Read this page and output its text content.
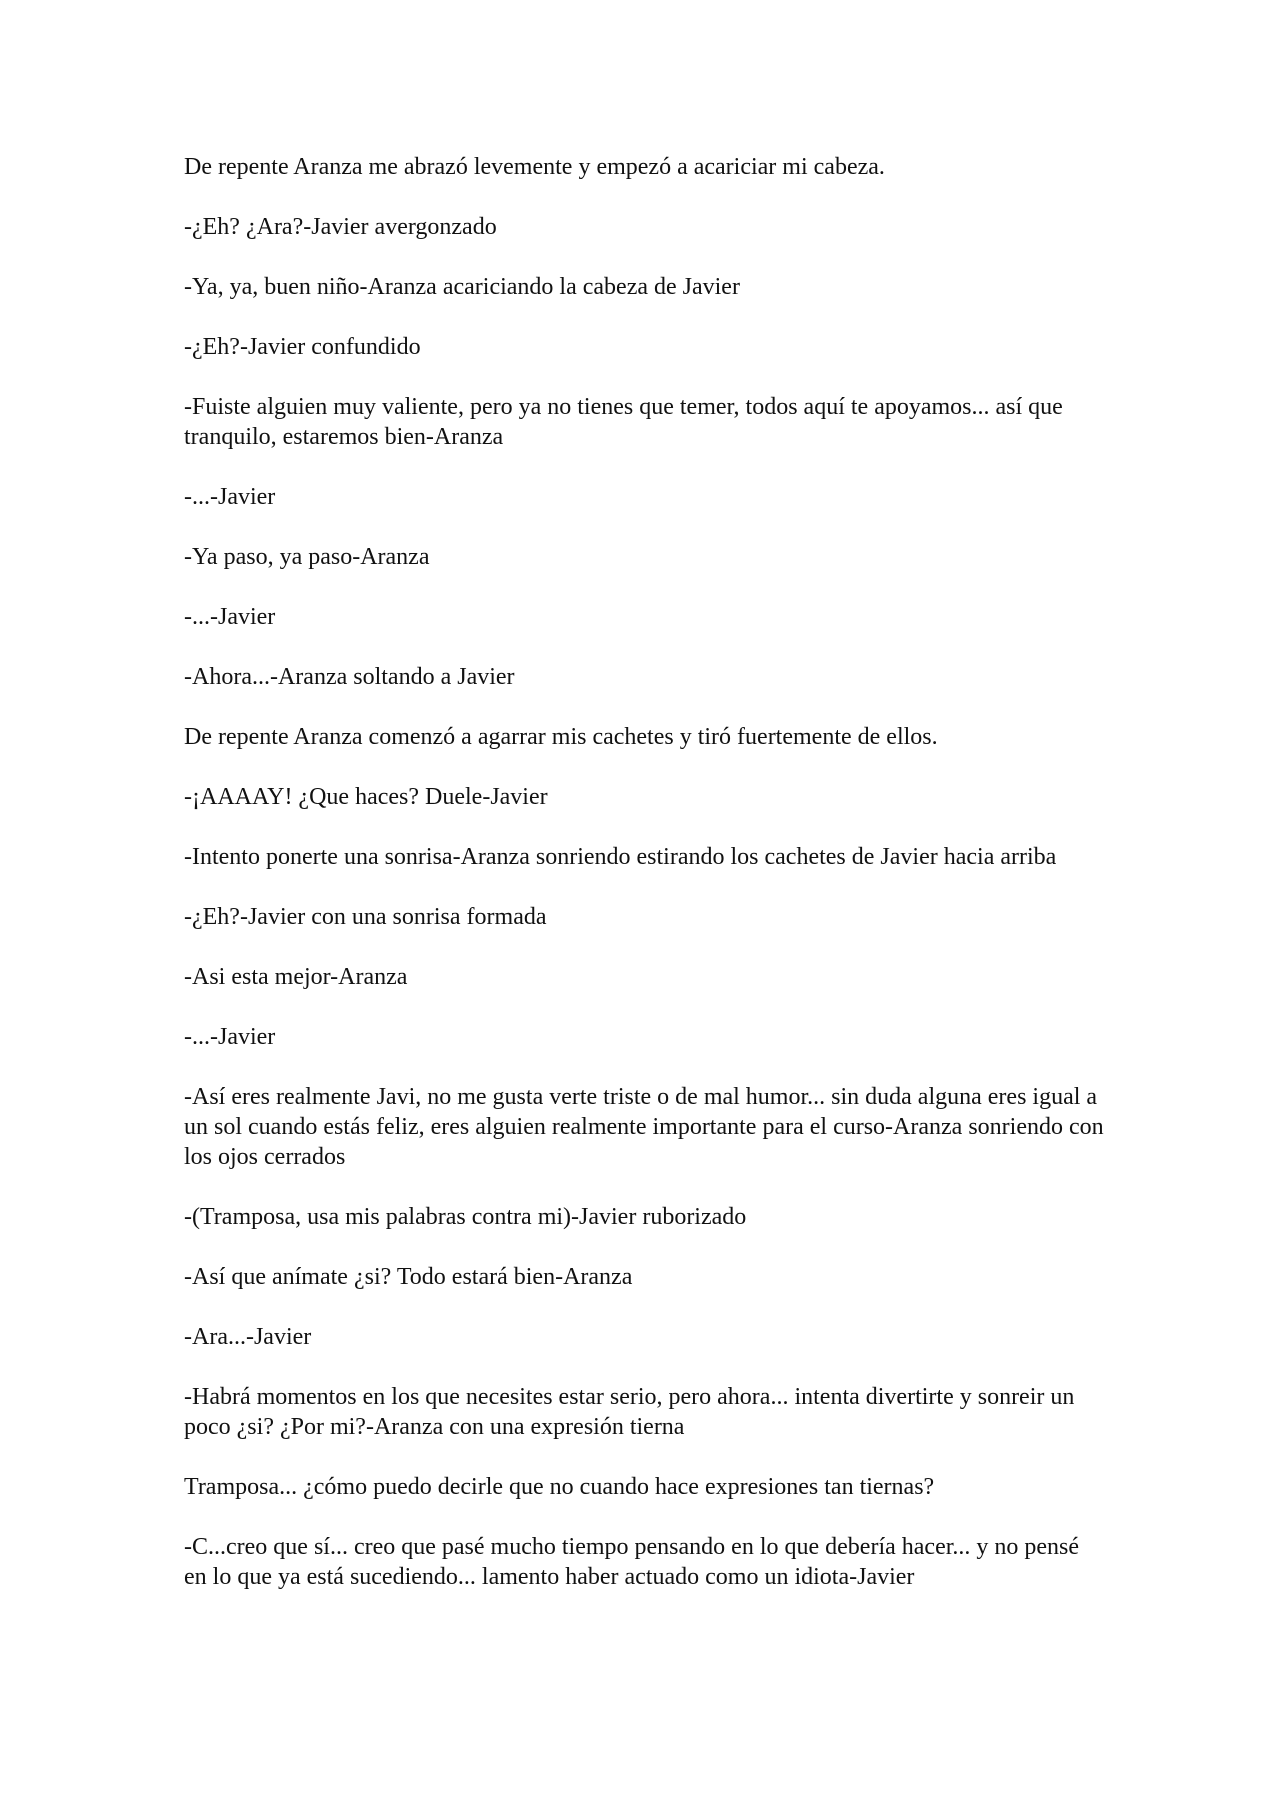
De repente Aranza me abrazó levemente y empezó a acariciar mi cabeza.

-¿Eh? ¿Ara?-Javier avergonzado

-Ya, ya, buen niño-Aranza acariciando la cabeza de Javier

-¿Eh?-Javier confundido

-Fuiste alguien muy valiente, pero ya no tienes que temer, todos aquí te apoyamos... así que tranquilo, estaremos bien-Aranza

-...-Javier

-Ya paso, ya paso-Aranza

-...-Javier

-Ahora...-Aranza soltando a Javier

De repente Aranza comenzó a agarrar mis cachetes y tiró fuertemente de ellos.

-¡AAAAY! ¿Que haces? Duele-Javier

-Intento ponerte una sonrisa-Aranza sonriendo estirando los cachetes de Javier hacia arriba

-¿Eh?-Javier con una sonrisa formada

-Asi esta mejor-Aranza

-...-Javier

-Así eres realmente Javi, no me gusta verte triste o de mal humor... sin duda alguna eres igual a un sol cuando estás feliz, eres alguien realmente importante para el curso-Aranza sonriendo con los ojos cerrados

-(Tramposa, usa mis palabras contra mi)-Javier ruborizado

-Así que anímate ¿si? Todo estará bien-Aranza

-Ara...-Javier

-Habrá momentos en los que necesites estar serio, pero ahora... intenta divertirte y sonreir un poco ¿si? ¿Por mi?-Aranza con una expresión tierna

Tramposa... ¿cómo puedo decirle que no cuando hace expresiones tan tiernas?

-C...creo que sí... creo que pasé mucho tiempo pensando en lo que debería hacer... y no pensé en lo que ya está sucediendo... lamento haber actuado como un idiota-Javier
